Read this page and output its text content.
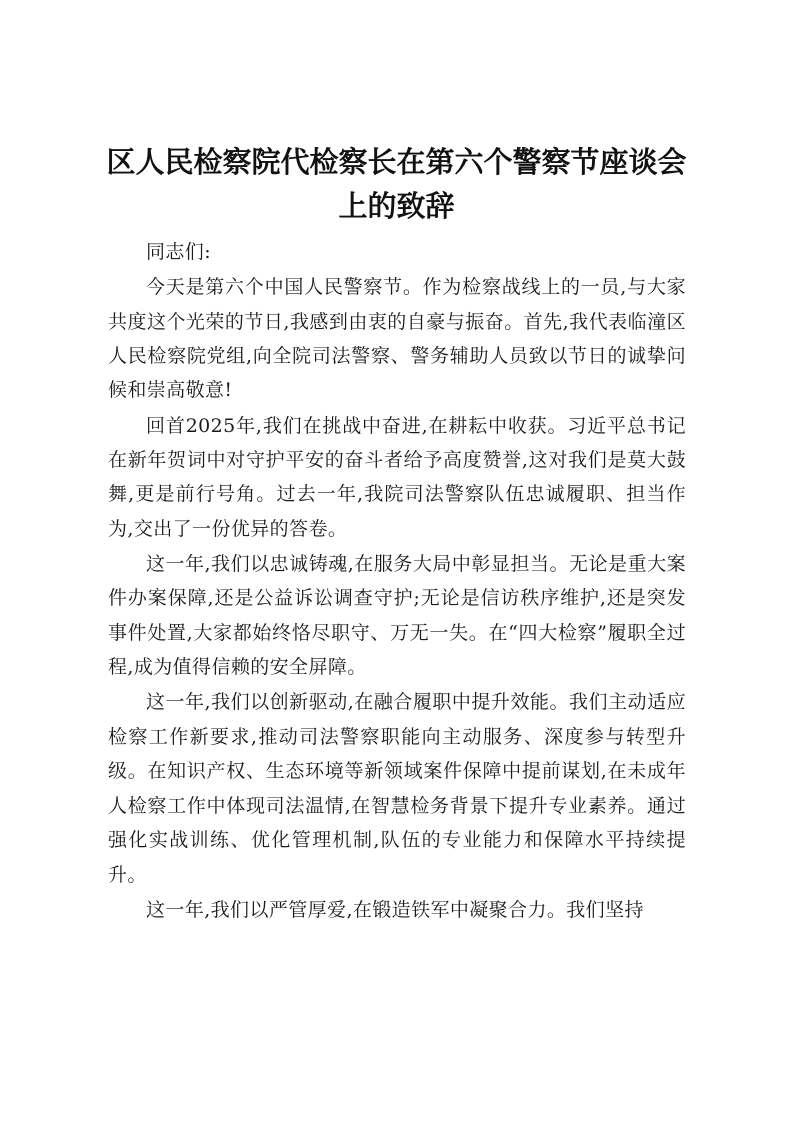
区人民检察院代检察长在第六个警察节座谈会上的致辞

同志们:

今天是第六个中国人民警察节。作为检察战线上的一员,与大家共度这个光荣的节日,我感到由衷的自豪与振奋。首先,我代表临潼区人民检察院党组,向全院司法警察、警务辅助人员致以节日的诚挚问候和崇高敬意!

回首2025年,我们在挑战中奋进,在耕耘中收获。习近平总书记在新年贺词中对守护平安的奋斗者给予高度赞誉,这对我们是莫大鼓舞,更是前行号角。过去一年,我院司法警察队伍忠诚履职、担当作为,交出了一份优异的答卷。

这一年,我们以忠诚铸魂,在服务大局中彰显担当。无论是重大案件办案保障,还是公益诉讼调查守护;无论是信访秩序维护,还是突发事件处置,大家都始终恪尽职守、万无一失。在“四大检察”履职全过程,成为值得信赖的安全屏障。

这一年,我们以创新驱动,在融合履职中提升效能。我们主动适应检察工作新要求,推动司法警察职能向主动服务、深度参与转型升级。在知识产权、生态环境等新领域案件保障中提前谋划,在未成年人检察工作中体现司法温情,在智慧检务背景下提升专业素养。通过强化实战训练、优化管理机制,队伍的专业能力和保障水平持续提升。

这一年,我们以严管厚爱,在锻造铁军中凝聚合力。我们坚持
